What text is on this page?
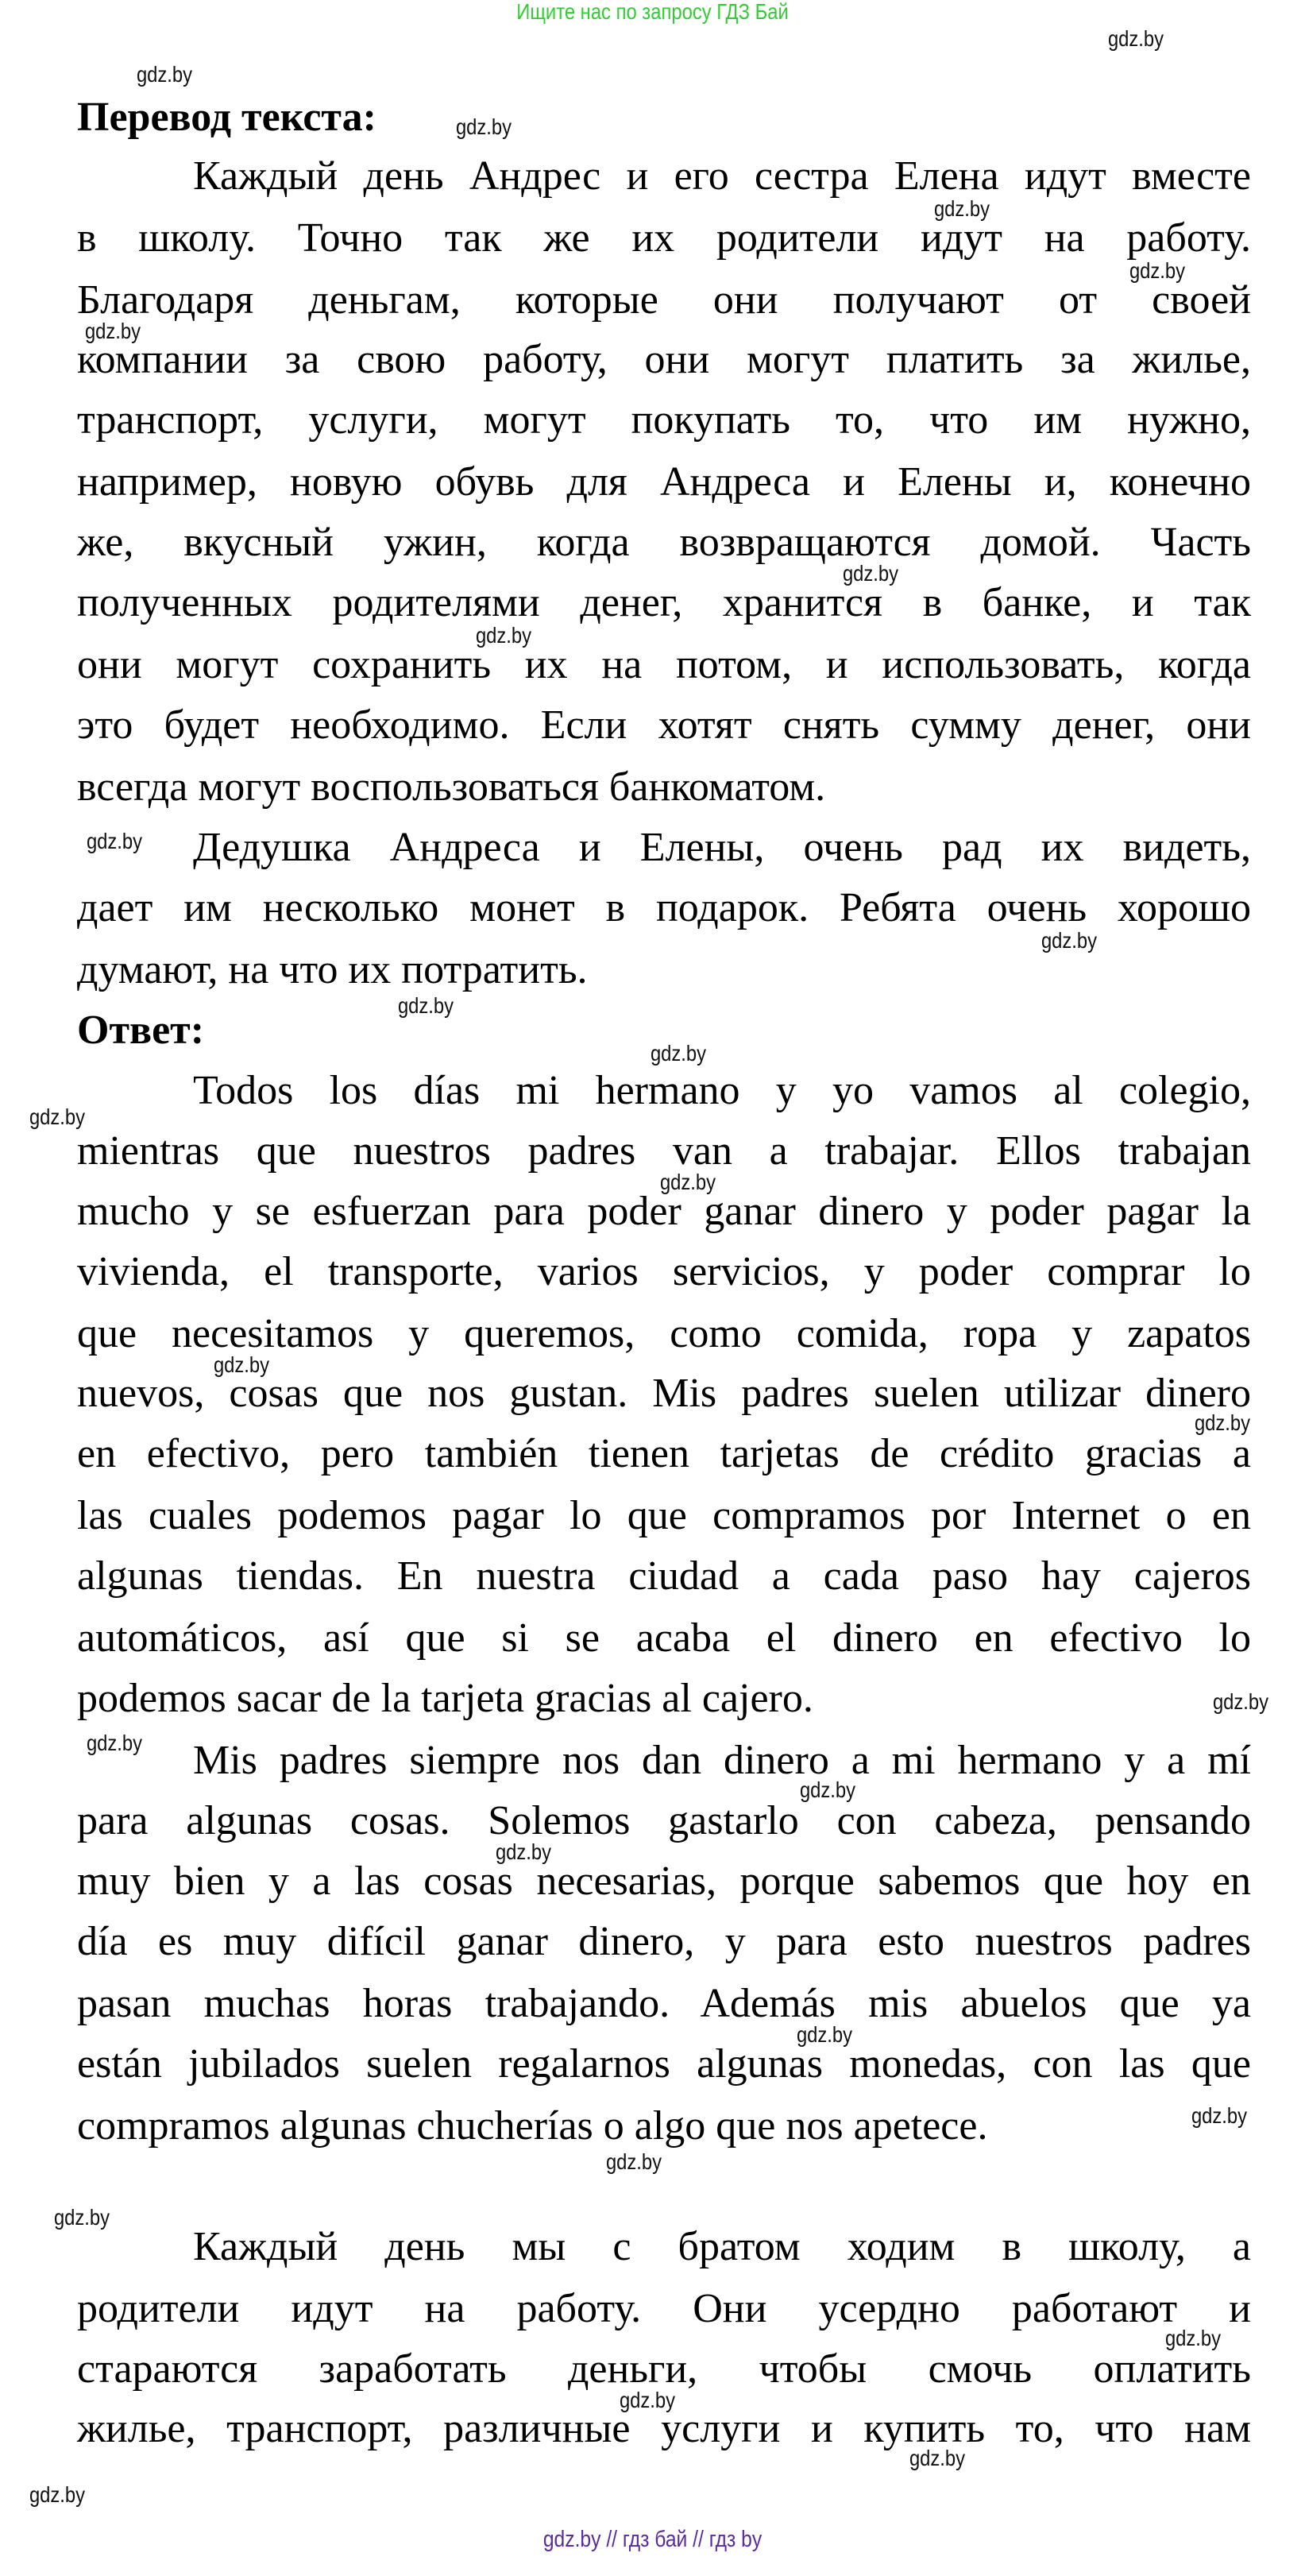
Ищите нас по запросу ГДЗ Бай
Перевод текста:
Ответ:
Каждый день Андрес и его сестра Елена идут вместе
в школу. Точно так же их родители идут на работу.
Благодаря деньгам, которые они получают от своей
компании за свою работу, они могут платить за жилье,
транспорт, услуги, могут покупать то, что им нужно,
например, новую обувь для Андреса и Елены и, конечно
же, вкусный ужин, когда возвращаются домой. Часть
полученных родителями денег, хранится в банке, и так
они могут сохранить их на потом, и использовать, когда
это будет необходимо. Если хотят снять сумму денег, они
всегда могут воспользоваться банкоматом.
Дедушка Андреса и Елены, очень рад их видеть,
дает им несколько монет в подарок. Ребята очень хорошо
думают, на что их потратить.
Todos los días mi hermano y yo vamos al colegio,
mientras que nuestros padres van a trabajar. Ellos trabajan
mucho y se esfuerzan para poder ganar dinero y poder pagar la
vivienda, el transporte, varios servicios, y poder comprar lo
que necesitamos y queremos, como comida, ropa y zapatos
nuevos, cosas que nos gustan. Mis padres suelen utilizar dinero
en efectivo, pero también tienen tarjetas de crédito gracias a
las cuales podemos pagar lo que compramos por Internet o en
algunas tiendas. En nuestra ciudad a cada paso hay cajeros
automáticos, así que si se acaba el dinero en efectivo lo
podemos sacar de la tarjeta gracias al cajero.
Mis padres siempre nos dan dinero a mi hermano y a mí
para algunas cosas. Solemos gastarlo con cabeza, pensando
muy bien y a las cosas necesarias, porque sabemos que hoy en
día es muy difícil ganar dinero, y para esto nuestros padres
pasan muchas horas trabajando. Además mis abuelos que ya
están jubilados suelen regalarnos algunas monedas, con las que
compramos algunas chucherías o algo que nos apetece.
Каждый день мы с братом ходим в школу, а
родители идут на работу. Они усердно работают и
стараются заработать деньги, чтобы смочь оплатить
жилье, транспорт, различные услуги и купить то, что нам
gdz.by // гдз бай // гдз by
gdz.by
gdz.by
gdz.by
gdz.by
gdz.by
gdz.by
gdz.by
gdz.by
gdz.by
gdz.by
gdz.by
gdz.by
gdz.by
gdz.by
gdz.by
gdz.by
gdz.by
gdz.by
gdz.by
gdz.by
gdz.by
gdz.by
gdz.by
gdz.by
gdz.by
gdz.by
gdz.by
gdz.by
